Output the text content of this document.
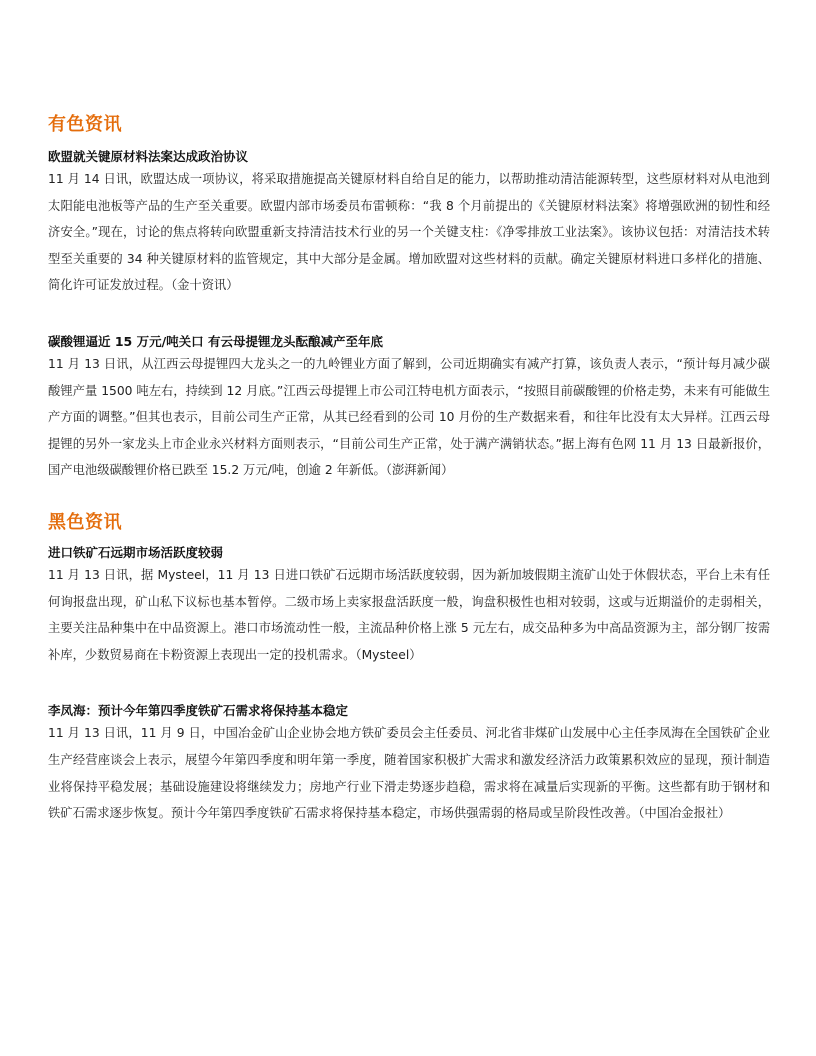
有色资讯
欧盟就关键原材料法案达成政治协议

11 月 14 日讯，欧盟达成一项协议，将采取措施提高关键原材料自给自足的能力，以帮助推动清洁能源转型，这些原材料对从电池到太阳能电池板等产品的生产至关重要。欧盟内部市场委员布雷顿称：“我 8 个月前提出的《关键原材料法案》将增强欧洲的韧性和经济安全。”现在，讨论的焦点将转向欧盟重新支持清洁技术行业的另一个关键支柱：《净零排放工业法案》。该协议包括：对清洁技术转型至关重要的 34 种关键原材料的监管规定，其中大部分是金属。增加欧盟对这些材料的贡献。确定关键原材料进口多样化的措施、简化许可证发放过程。（金十资讯）

碳酸锂逼近 15 万元/吨关口 有云母提锂龙头酝酿减产至年底

11 月 13 日讯，从江西云母提锂四大龙头之一的九岭锂业方面了解到，公司近期确实有减产打算，该负责人表示，“预计每月减少碳酸锂产量 1500 吨左右，持续到 12 月底。”江西云母提锂上市公司江特电机方面表示，“按照目前碳酸锂的价格走势，未来有可能做生产方面的调整。”但其也表示，目前公司生产正常，从其已经看到的公司 10 月份的生产数据来看，和往年比没有太大异样。江西云母提锂的另外一家龙头上市企业永兴材料方面则表示，“目前公司生产正常，处于满产满销状态。”据上海有色网 11 月 13 日最新报价，国产电池级碳酸锂价格已跌至 15.2 万元/吨，创逾 2 年新低。（澎湃新闻）

黑色资讯
进口铁矿石远期市场活跃度较弱

11 月 13 日讯，据 Mysteel，11 月 13 日进口铁矿石远期市场活跃度较弱，因为新加坡假期主流矿山处于休假状态，平台上未有任何询报盘出现，矿山私下议标也基本暂停。二级市场上卖家报盘活跃度一般，询盘积极性也相对较弱，这或与近期溢价的走弱相关，主要关注品种集中在中品资源上。港口市场流动性一般，主流品种价格上涨 5 元左右，成交品种多为中高品资源为主，部分钢厂按需补库，少数贸易商在卡粉资源上表现出一定的投机需求。（Mysteel）

李凤海：预计今年第四季度铁矿石需求将保持基本稳定

11 月 13 日讯，11 月 9 日，中国冶金矿山企业协会地方铁矿委员会主任委员、河北省非煤矿山发展中心主任李凤海在全国铁矿企业生产经营座谈会上表示，展望今年第四季度和明年第一季度，随着国家积极扩大需求和激发经济活力政策累积效应的显现，预计制造业将保持平稳发展；基础设施建设将继续发力；房地产行业下滑走势逐步趋稳，需求将在减量后实现新的平衡。这些都有助于钢材和铁矿石需求逐步恢复。预计今年第四季度铁矿石需求将保持基本稳定，市场供强需弱的格局或呈阶段性改善。（中国冶金报社）
